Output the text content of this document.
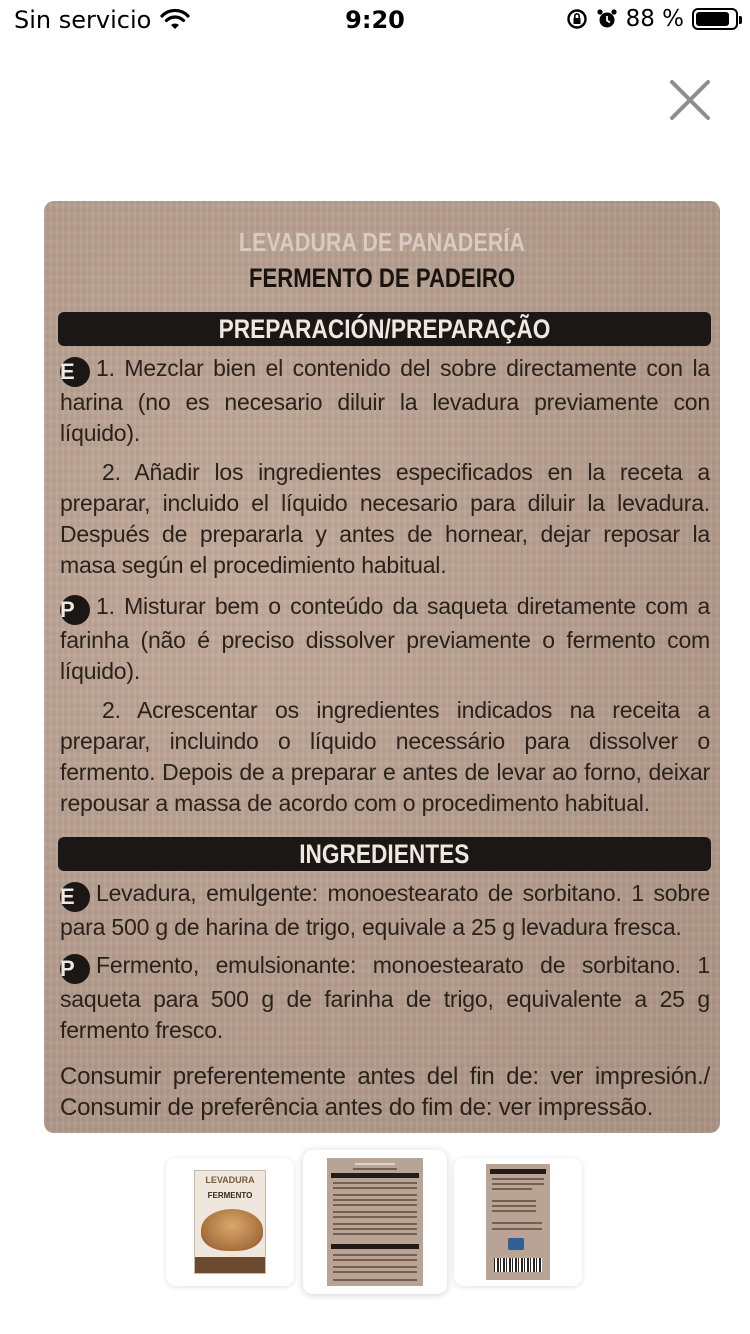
Sin servicio	9:20	88 %
LEVADURA DE PANADERÍA
FERMENTO DE PADEIRO
PREPARACIÓN/PREPARAÇÃO

E 1. Mezclar bien el contenido del sobre directamente con la harina (no es necesario diluir la levadura previamente con líquido).

2. Añadir los ingredientes especificados en la receta a preparar, incluido el líquido necesario para diluir la levadura. Después de prepararla y antes de hornear, dejar reposar la masa según el procedimiento habitual.

P 1. Misturar bem o conteúdo da saqueta diretamente com a farinha (não é preciso dissolver previamente o fermento com líquido).

2. Acrescentar os ingredientes indicados na receita a preparar, incluindo o líquido necessário para dissolver o fermento. Depois de a preparar e antes de levar ao forno, deixar repousar a massa de acordo com o procedimento habitual.

INGREDIENTES

E Levadura, emulgente: monoestearato de sorbitano. 1 sobre para 500 g de harina de trigo, equivale a 25 g levadura fresca.

P Fermento, emulsionante: monoestearato de sorbitano. 1 saqueta para 500 g de farinha de trigo, equivalente a 25 g fermento fresco.

Consumir preferentemente antes del fin de: ver impresión./ Consumir de preferência antes do fim de: ver impressão.

LEVADURA
FERMENTO
